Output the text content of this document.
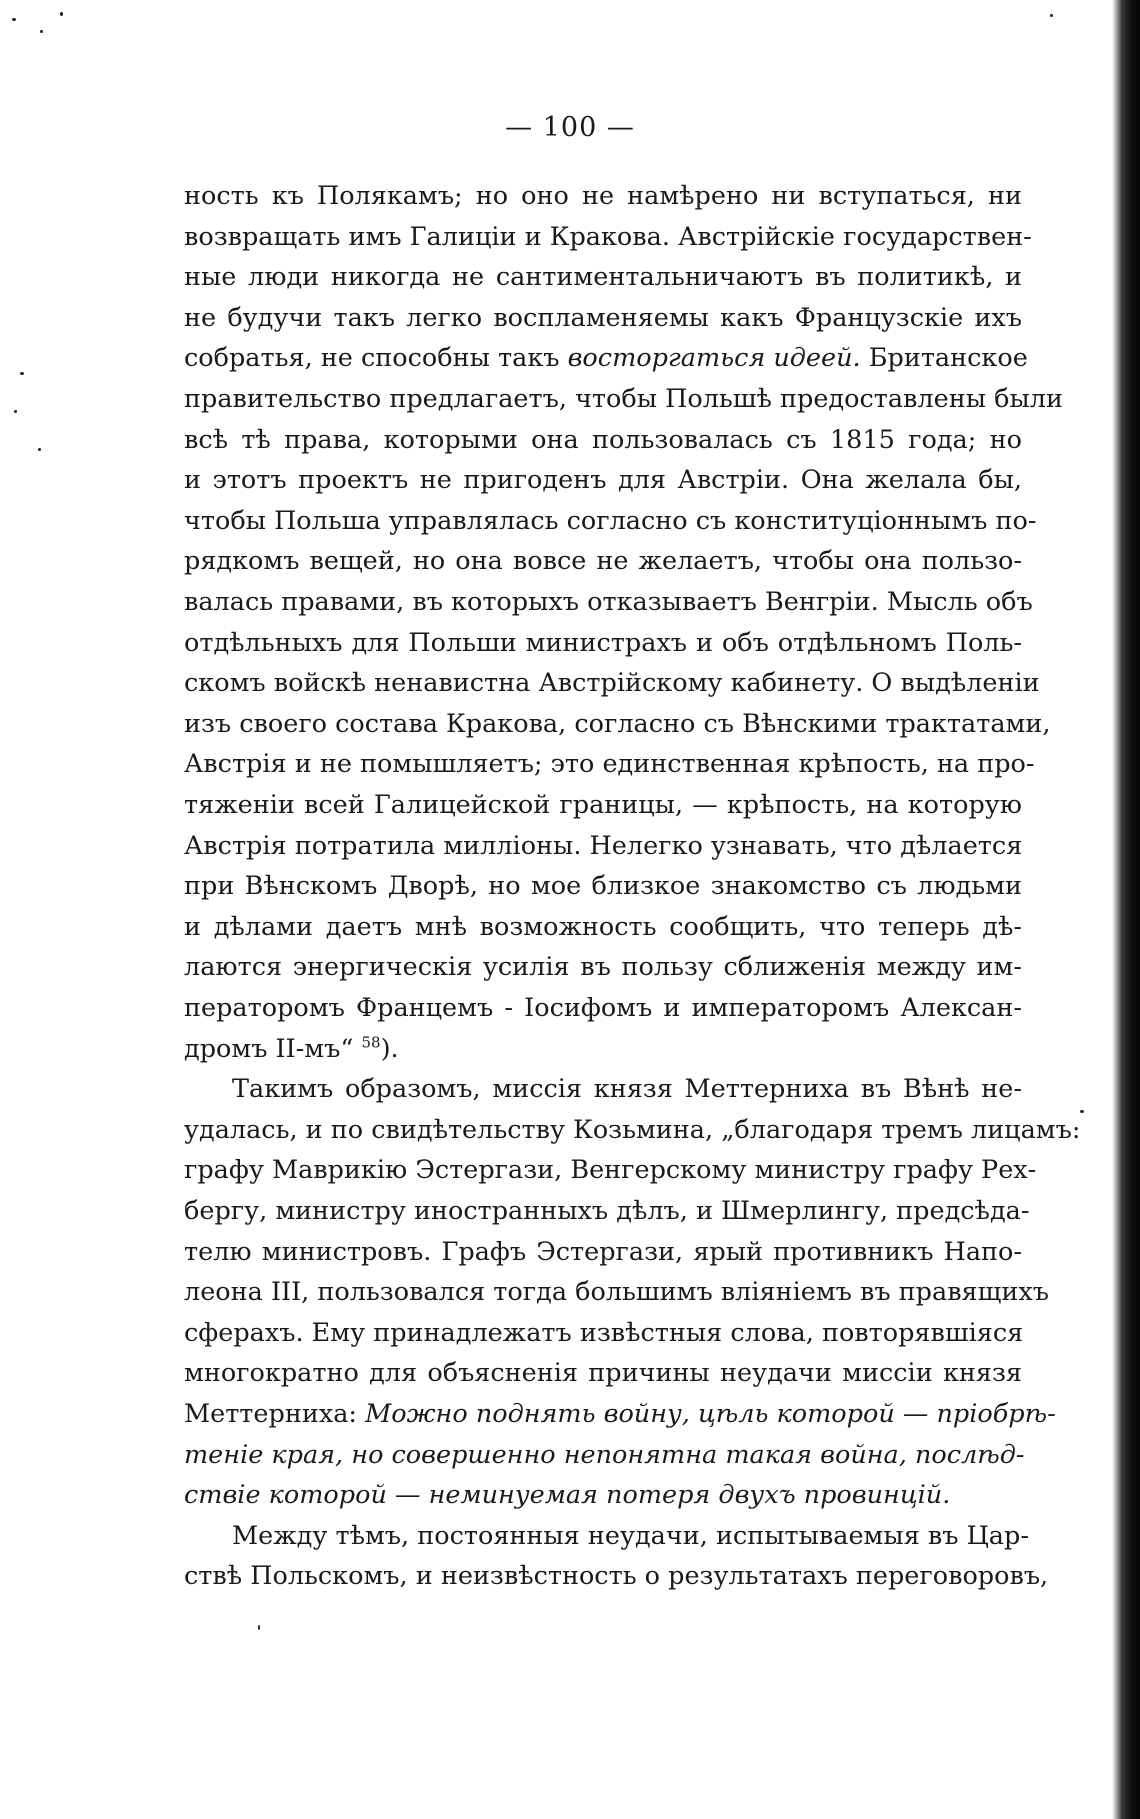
— 100 —
ность къ Полякамъ; но оно не намѣрено ни вступаться, ни
возвращать имъ Галиціи и Кракова. Австрійскіе государствен-
ные люди никогда не сантиментальничаютъ въ политикѣ, и
не будучи такъ легко воспламеняемы какъ Французскіе ихъ
собратья, не способны такъ восторгаться идеей. Британское
правительство предлагаетъ, чтобы Польшѣ предоставлены были
всѣ тѣ права, которыми она пользовалась съ 1815 года; но
и этотъ проектъ не пригоденъ для Австріи. Она желала бы,
чтобы Польша управлялась согласно съ конституціоннымъ по-
рядкомъ вещей, но она вовсе не желаетъ, чтобы она пользо-
валась правами, въ которыхъ отказываетъ Венгріи. Мысль объ
отдѣльныхъ для Польши министрахъ и объ отдѣльномъ Поль-
скомъ войскѣ ненавистна Австрійскому кабинету. О выдѣленіи
изъ своего состава Кракова, согласно съ Вѣнскими трактатами,
Австрія и не помышляетъ; это единственная крѣпость, на про-
тяженіи всей Галицейской границы, — крѣпость, на которую
Австрія потратила милліоны. Нелегко узнавать, что дѣлается
при Вѣнскомъ Дворѣ, но мое близкое знакомство съ людьми
и дѣлами даетъ мнѣ возможность сообщить, что теперь дѣ-
лаются энергическія усилія въ пользу сближенія между им-
ператоромъ Францемъ - Іосифомъ и императоромъ Алексан-
дромъ II-мъ“ $^{58}$).
Такимъ образомъ, миссія князя Меттерниха въ Вѣнѣ не-
удалась, и по свидѣтельству Козьмина, „благодаря тремъ лицамъ:
графу Маврикію Эстергази, Венгерскому министру графу Рех-
бергу, министру иностранныхъ дѣлъ, и Шмерлингу, предсѣда-
телю министровъ. Графъ Эстергази, ярый противникъ Напо-
леона III, пользовался тогда большимъ вліяніемъ въ правящихъ
сферахъ. Ему принадлежатъ извѣстныя слова, повторявшіяся
многократно для объясненія причины неудачи миссіи князя
Меттерниха: Можно поднять войну, цѣль которой — пріобрѣ-
теніе края, но совершенно непонятна такая война, послѣд-
ствіе которой — неминуемая потеря двухъ провинцій.
Между тѣмъ, постоянныя неудачи, испытываемыя въ Цар-
ствѣ Польскомъ, и неизвѣстность о результатахъ переговоровъ,
